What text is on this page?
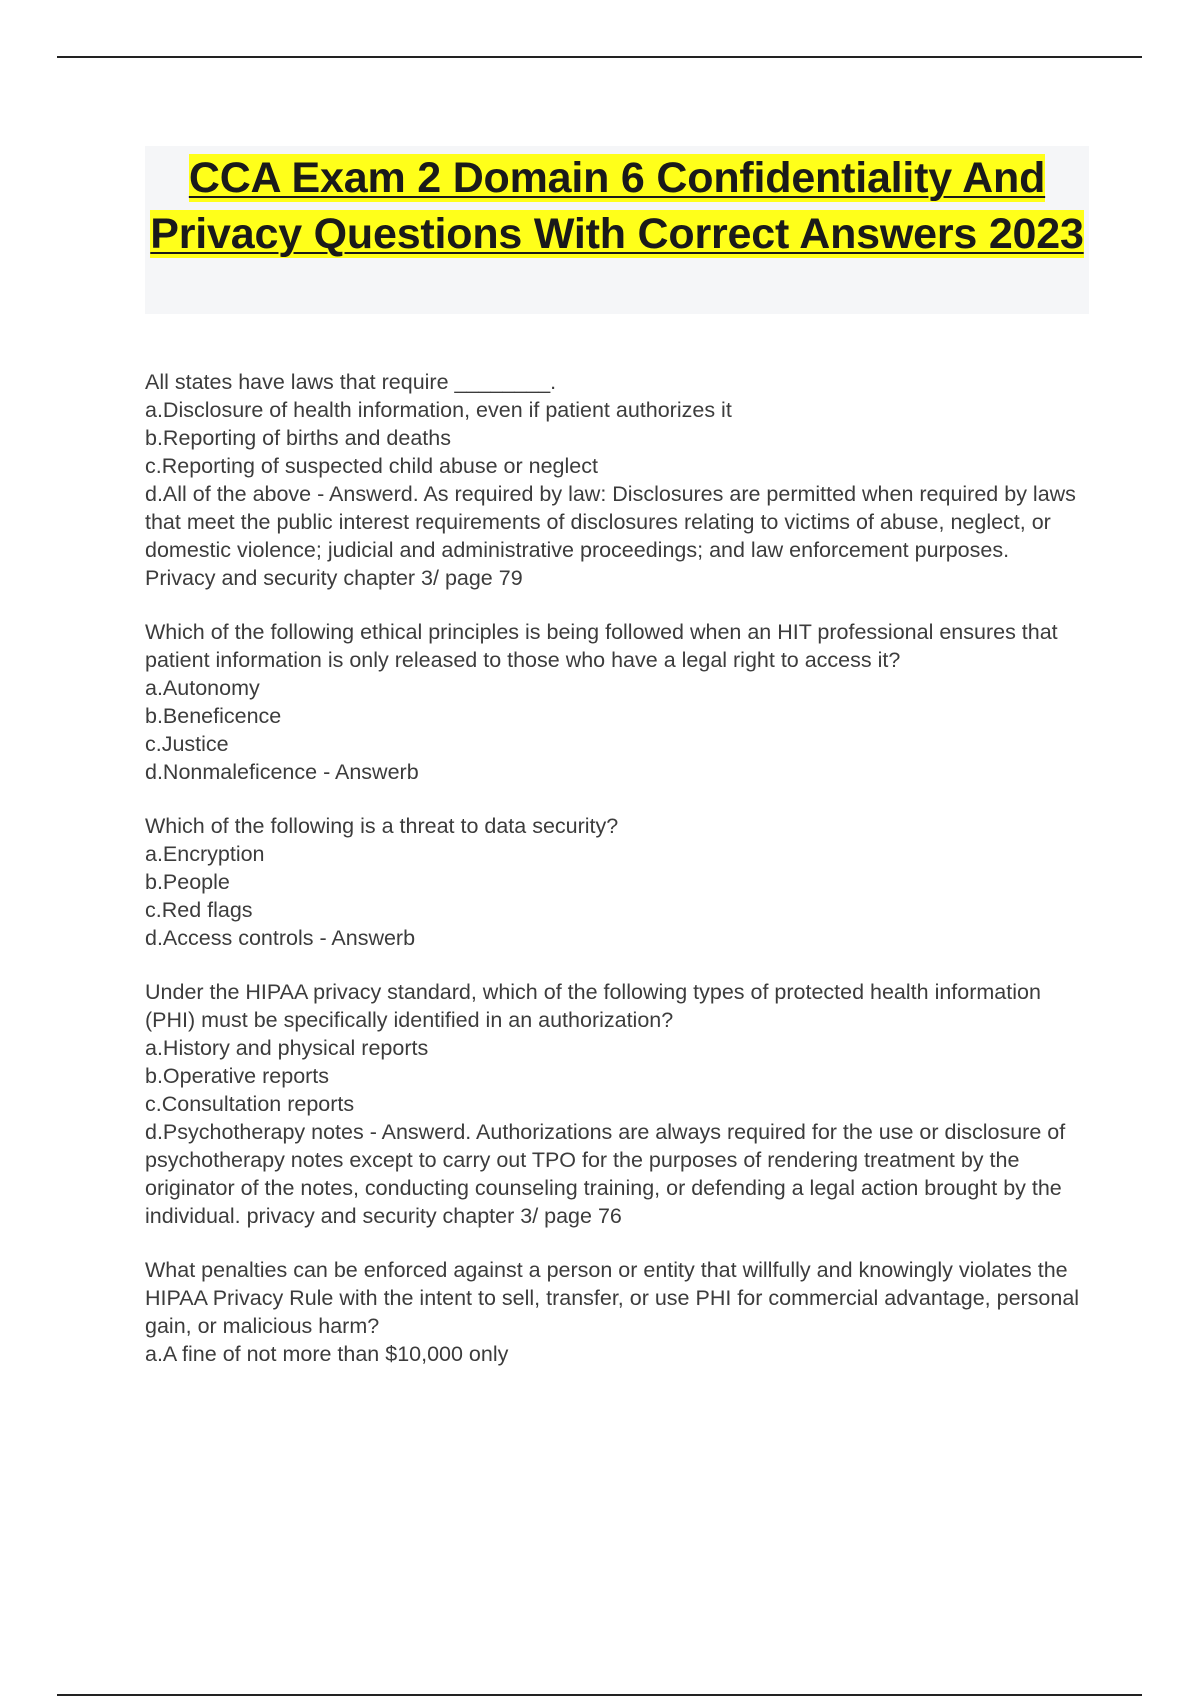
CCA Exam 2 Domain 6 Confidentiality And Privacy Questions With Correct Answers 2023
All states have laws that require ________.
a.Disclosure of health information, even if patient authorizes it
b.Reporting of births and deaths
c.Reporting of suspected child abuse or neglect
d.All of the above - Answerd. As required by law: Disclosures are permitted when required by laws that meet the public interest requirements of disclosures relating to victims of abuse, neglect, or domestic violence; judicial and administrative proceedings; and law enforcement purposes. Privacy and security chapter 3/ page 79
Which of the following ethical principles is being followed when an HIT professional ensures that patient information is only released to those who have a legal right to access it?
a.Autonomy
b.Beneficence
c.Justice
d.Nonmaleficence - Answerb
Which of the following is a threat to data security?
a.Encryption
b.People
c.Red flags
d.Access controls - Answerb
Under the HIPAA privacy standard, which of the following types of protected health information (PHI) must be specifically identified in an authorization?
a.History and physical reports
b.Operative reports
c.Consultation reports
d.Psychotherapy notes - Answerd. Authorizations are always required for the use or disclosure of psychotherapy notes except to carry out TPO for the purposes of rendering treatment by the originator of the notes, conducting counseling training, or defending a legal action brought by the individual. privacy and security chapter 3/ page 76
What penalties can be enforced against a person or entity that willfully and knowingly violates the HIPAA Privacy Rule with the intent to sell, transfer, or use PHI for commercial advantage, personal gain, or malicious harm?
a.A fine of not more than $10,000 only
